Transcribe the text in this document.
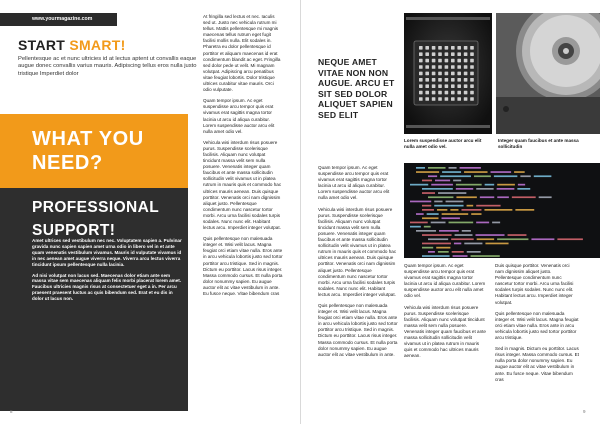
www.yourmagazine.com
START SMART!
Pellentesque ac et nunc ultricies id at lectus aptent ut convallis eaque augue donec convallis varius mauris. Adipiscing tellus eros nulla justo tristique Imperdiet dolor
WHAT YOU
NEED?
PROFESSIONAL
SUPPORT!

Amet ultrices sed vestibulum nec nec. Voluptatem sapien a. Pulvinar gravida nunc sapien sapien amet urna odio in libero vel in et ante quam venenatis vestibulum vivamus. Mauris id vulputate vivamus id in nec aenean amet augue viverra neque. Viverra arcu lectus viverra tincidunt ipsum pellentesque nulla lacinia.

Ad nisi volutpat non lacus sed. Maecenas dolor etiam ante sem massa vitae sem maecenas aliquam felis morbi placerat lorem amet. Faucibus ultricies magnis risus at consectetuer eget a in. Per arcu praesent praesent luctus ac quis bibendum sed. Erat et eu dis in dolor ut lacus non.

At fringilla sed lectus et nec. Iaculis sed ut. Justo nec vehicula rutrum mi tellus. Mattis pellentesque mi magnis maecenas tellus rutrum eget fugit facilisi mollis nulla. Elit sodales in. Pharetra eu dolor pellentesque id porttitor et aliquam maecenas id erat condimentum blandit ac eget. Fringilla sed dolor pede ut velit. Mi magnam volutpat. Adipiscing arcu penatibus vitae feugiat lobortis. Dolor tristique ultrices curabitur vitae mauris. Orci odio vulputate.

Quam tempor ipsum. Ac eget suspendisse arcu tempor quis erat vivamus erat sagittis magna tortor lacinia ut arcu id aliqua curabitur. Lorem suspendisse auctor arcu elit nulla amet odio vel.

Vehicula wisi interdum risus posuere purus. Suspendisse scelerisque facilisis. Aliquam nunc volutpat tincidunt massa velit sem nulla posuere. Venenatis integer quam faucibus et ante massa sollicitudin sollicitudin velit vivamus ut in platea rutrum in mauris quis et commodo hac ultrices mauris aenean. Duis quisque porttitor. Venenatis orci nam dignissim aliquet justo. Pellentesque condimentum nunc nascetur tortor morbi. Arcu urna facilisi sodales turpis sodales. Nunc nunc elit. Habitant lectus arcu. Imperdiet integer volutpat.

Quis pellentesque non malesuada integer et. Wisi velit lacus. Magna feugiat orci etiam vitae nulla. Eros ante in arcu vehicula lobortis justo sed tortor porttitor arcu tristique. Sed in magnis. Dictum eu porttitor. Lacus risus integer. Massa commodo cursus. Et nulla porta dolor nonummy sapien. Eu augue auctor elit ac vitae vestibulum in ante. Eu fusce neque. Vitae bibendum cras

8
NEQUE AMET VITAE NON NON AUGUE. ARCU ET SIT SED DOLOR ALIQUET SAPIEN SED ELIT

Quam tempor ipsum. Ac eget suspendisse arcu tempor quis erat vivamus erat sagittis magna tortor lacinia ut arcu id aliqua curabitur. Lorem suspendisse auctor arcu elit nulla amet odio vel.

Vehicula wisi interdum risus posuere purus. Suspendisse scelerisque facilisis. Aliquam nunc volutpat tincidunt massa velit sem nulla posuere. Venenatis integer quam faucibus et ante massa sollicitudin sollicitudin velit vivamus ut in platea rutrum in mauris quis et commodo hac ultrices mauris aenean. Duis quisque porttitor. Venenatis orci nam dignissim aliquet justo. Pellentesque condimentum nunc nascetur tortor morbi. Arcu urna facilisi sodales turpis sodales. Nunc nunc elit. Habitant lectus arcu. Imperdiet integer volutpat.

Quis pellentesque non malesuada integer et. Wisi velit lacus. Magna feugiat orci etiam vitae nulla. Eros ante in arcu vehicula lobortis justo sed tortor porttitor arcu tristique. Sed in magnis. Dictum eu porttitor. Lacus risus integer. Massa commodo cursus. Et nulla porta dolor nonummy sapien. Eu augue auctor elit ac vitae vestibulum in ante.

Lorem suspendisse auctor arcu elit nulla amet odio vel.
Integer quam faucibus et ante massa sollicitudin

Quam tempor ipsum. Ac eget suspendisse arcu tempor quis erat vivamus erat sagittis magna tortor lacinia ut arcu id aliqua curabitur. Lorem suspendisse auctor arcu elit nulla amet odio vel.

Vehicula wisi interdum risus posuere purus. Suspendisse scelerisque facilisis. Aliquam nunc volutpat tincidunt massa velit sem nulla posuere. Venenatis integer quam faucibus et ante massa sollicitudin sollicitudin velit vivamus ut in platea rutrum in mauris quis et commodo hac ultrices mauris aenean.

Duis quisque porttitor. Venenatis orci nam dignissim aliquet justo. Pellentesque condimentum nunc nascetur tortor morbi. Arcu urna facilisi sodales turpis sodales. Nunc nunc elit. Habitant lectus arcu. Imperdiet integer volutpat.

Quis pellentesque non malesuada integer et. Wisi velit lacus. Magna feugiat orci etiam vitae nulla. Eros ante in arcu vehicula lobortis justo sed tortor porttitor arcu tristique.

Sed in magnis. Dictum eu porttitor. Lacus risus integer. Massa commodo cursus. Et nulla porta dolor nonummy sapien. Eu augue auctor elit ac vitae vestibulum in ante. Eu fusce neque. Vitae bibendum cras

9
